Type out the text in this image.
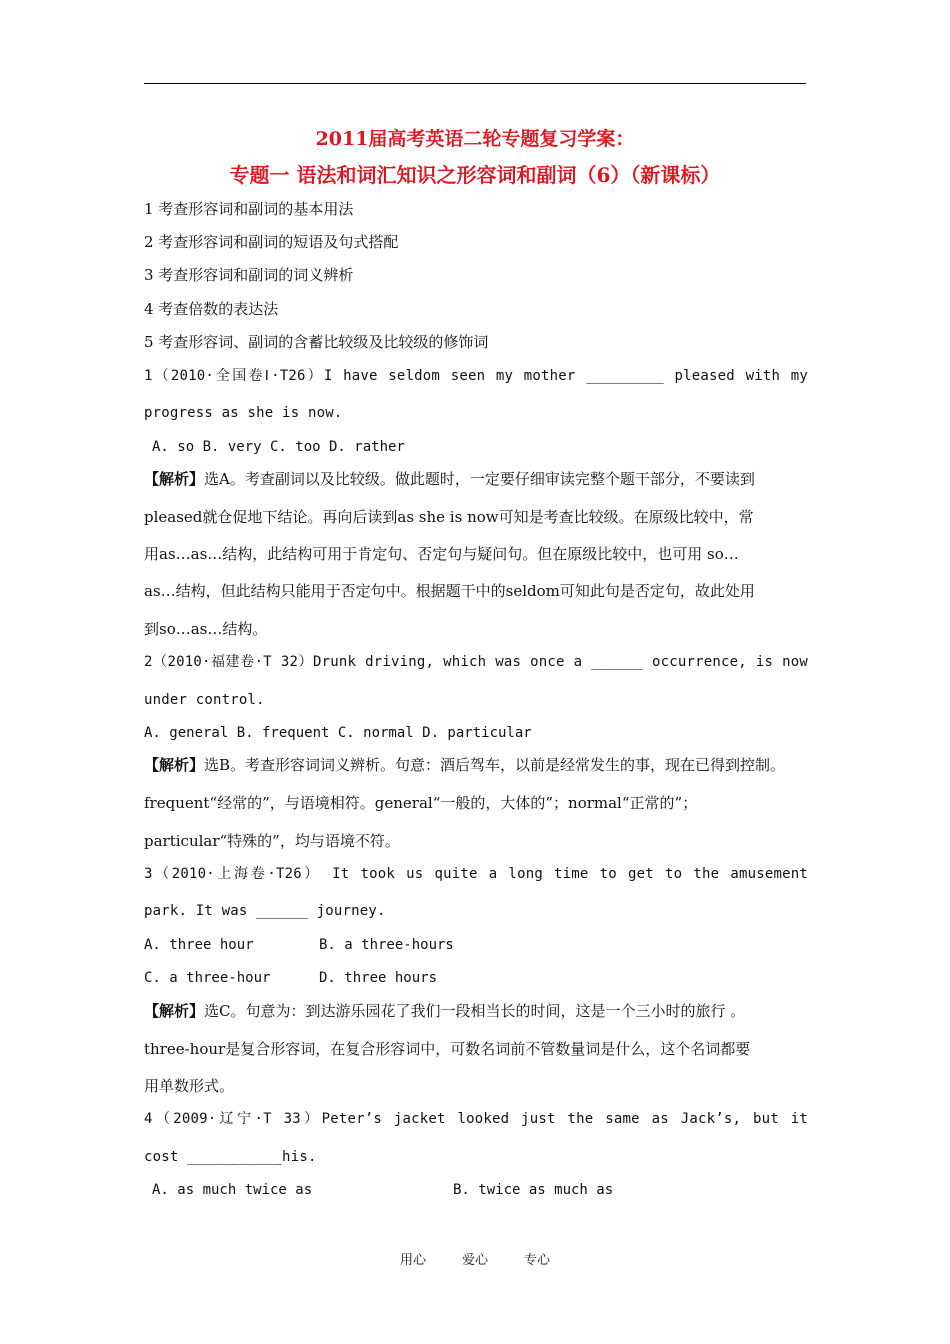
2011届高考英语二轮专题复习学案：
专题一 语法和词汇知识之形容词和副词（6）（新课标）
1 考查形容词和副词的基本用法
2 考查形容词和副词的短语及句式搭配
3 考查形容词和副词的词义辨析
4 考查倍数的表达法
5 考查形容词、副词的含蓄比较级及比较级的修饰词
1（2010·全国卷Ⅰ·T26）I have seldom seen my mother _________ pleased with my
progress as she is now.
A. so B. very C. too D. rather
【解析】选A。考查副词以及比较级。做此题时，一定要仔细审读完整个题干部分，不要读到
pleased就仓促地下结论。再向后读到as she is now可知是考查比较级。在原级比较中，常
用as…as…结构，此结构可用于肯定句、否定句与疑问句。但在原级比较中，也可用 so…
as…结构，但此结构只能用于否定句中。根据题干中的seldom可知此句是否定句，故此处用
到so…as…结构。
2（2010·福建卷·T 32）Drunk driving, which was once a ______ occurrence, is now
under control.
A. general B. frequent C. normal D. particular
【解析】选B。考查形容词词义辨析。句意：酒后驾车，以前是经常发生的事，现在已得到控制。
frequent“经常的”，与语境相符。general“一般的，大体的”；normal“正常的”；
particular“特殊的”，均与语境不符。
3（2010·上海卷·T26） It took us quite a long time to get to the amusement
park. It was ______ journey.
A. three hour	B. a three-hours
C. a three-hour	D. three hours
【解析】选C。句意为：到达游乐园花了我们一段相当长的时间，这是一个三小时的旅行 。
three-hour是复合形容词，在复合形容词中，可数名词前不管数量词是什么，这个名词都要
用单数形式。
4（2009·辽宁·T 33）Peter’s jacket looked just the same as Jack’s, but it
cost ___________his.
A. as much twice as	B. twice as much as
用心	爱心	专心
